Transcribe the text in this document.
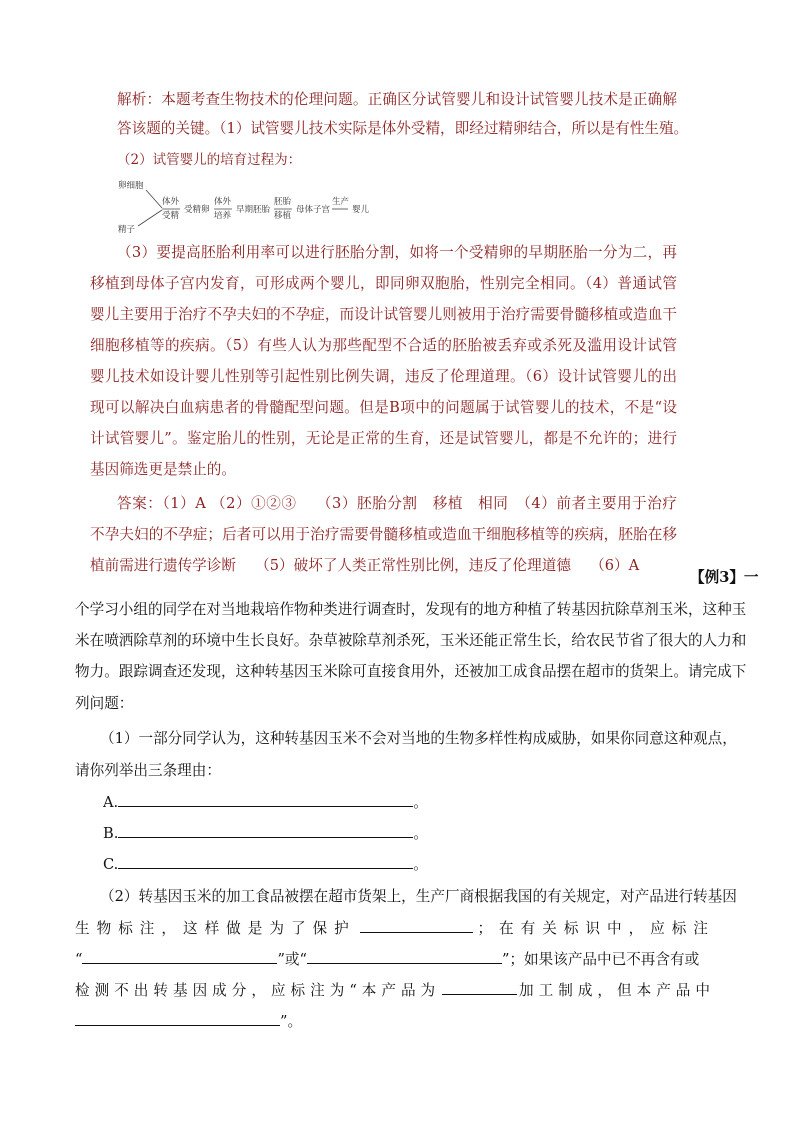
解析：本题考查生物技术的伦理问题。正确区分试管婴儿和设计试管婴儿技术是正确解
答该题的关键。（1）试管婴儿技术实际是体外受精，即经过精卵结合，所以是有性生殖。
（2）试管婴儿的培育过程为：
卵细胞
精子
体外
受精
受精卵
体外
培养
早期胚胎
胚胎
移植
母体子宫
生产
婴儿
（3）要提高胚胎利用率可以进行胚胎分割，如将一个受精卵的早期胚胎一分为二，再
移植到母体子宫内发育，可形成两个婴儿，即同卵双胞胎，性别完全相同。（4）普通试管
婴儿主要用于治疗不孕夫妇的不孕症，而设计试管婴儿则被用于治疗需要骨髓移植或造血干
细胞移植等的疾病。（5）有些人认为那些配型不合适的胚胎被丢弃或杀死及滥用设计试管
婴儿技术如设计婴儿性别等引起性别比例失调，违反了伦理道理。（6）设计试管婴儿的出
现可以解决白血病患者的骨髓配型问题。但是B项中的问题属于试管婴儿的技术，不是“设
计试管婴儿”。鉴定胎儿的性别，无论是正常的生育，还是试管婴儿，都是不允许的；进行
基因筛选更是禁止的。
答案：（1）A （2）①②③　 （3）胚胎分割　移植　相同　（4）前者主要用于治疗
不孕夫妇的不孕症；后者可以用于治疗需要骨髓移植或造血干细胞移植等的疾病，胚胎在移
植前需进行遗传学诊断　 （5）破坏了人类正常性别比例，违反了伦理道德　 （6）A
【例3】一
个学习小组的同学在对当地栽培作物种类进行调查时，发现有的地方种植了转基因抗除草剂玉米，这种玉
米在喷洒除草剂的环境中生长良好。杂草被除草剂杀死，玉米还能正常生长，给农民节省了很大的人力和
物力。跟踪调查还发现，这种转基因玉米除可直接食用外，还被加工成食品摆在超市的货架上。请完成下
列问题：
（1）一部分同学认为，这种转基因玉米不会对当地的生物多样性构成威胁，如果你同意这种观点，
请你列举出三条理由：
A.	。
B.	。
C.	。
（2）转基因玉米的加工食品被摆在超市货架上，生产厂商根据我国的有关规定，对产品进行转基因
生物标注，这样做是为了保护	；在有关标识中，应标注
“	”或“	”；如果该产品中已不再含有或
检测不出转基因成分，应标注为“本产品为	加工制成，但本产品中
”。
